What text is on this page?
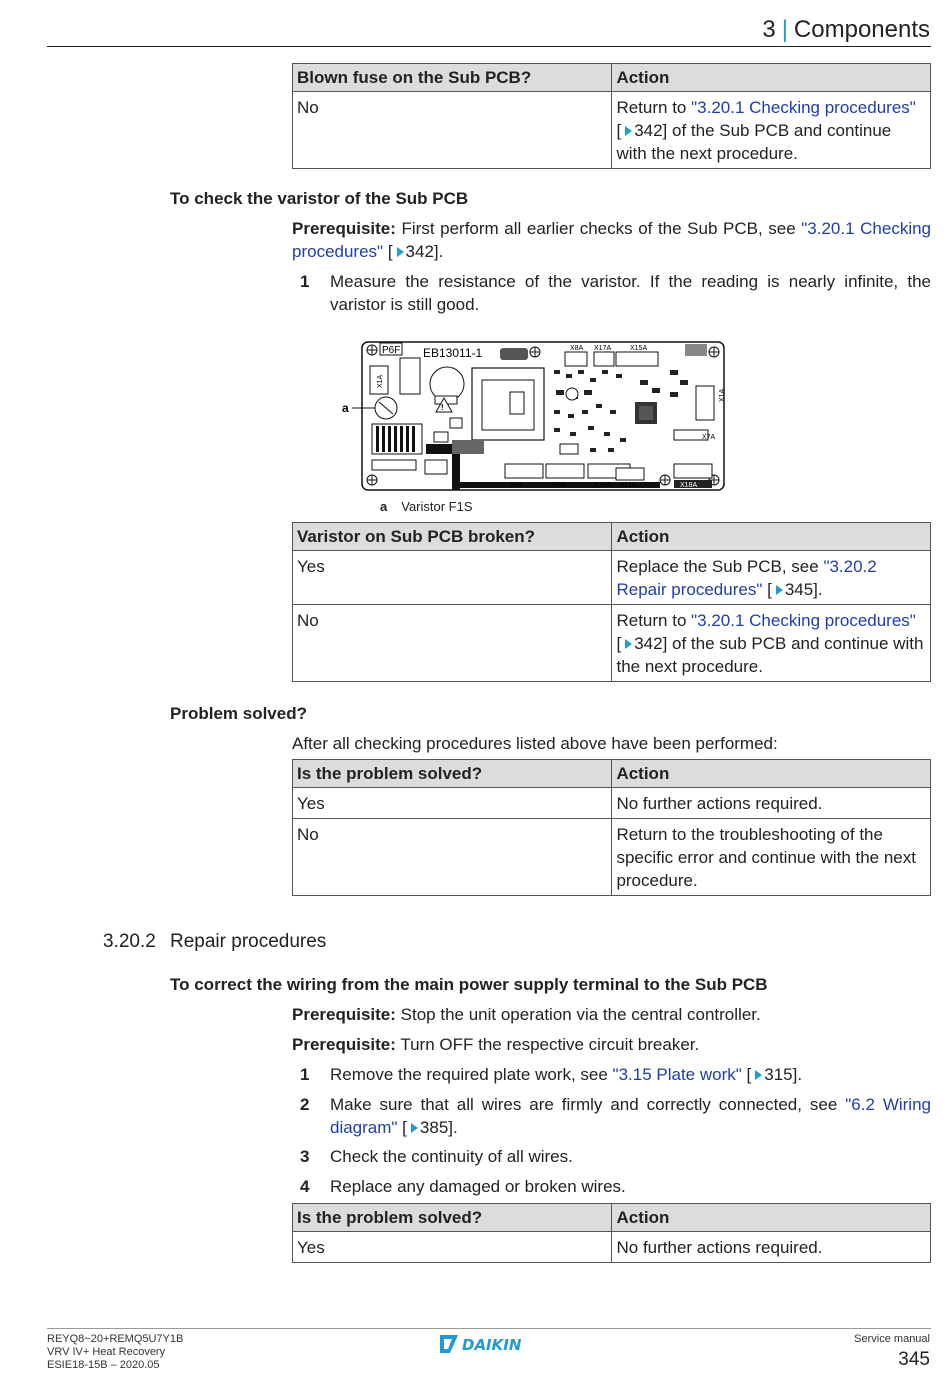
3 | Components
Blown fuse on the Sub PCB?	Action
No	Return to "3.20.1 Checking procedures" [ 342] of the Sub PCB and continue with the next procedure.
To check the varistor of the Sub PCB
Prerequisite: First perform all earlier checks of the Sub PCB, see "3.20.1 Checking procedures" [ 342].
1 Measure the resistance of the varistor. If the reading is nearly infinite, the varistor is still good.
P6F EB13011-1
X1A
a	!
X8A X17A	X15A
X1A
X7A
X8A	X9A	X10A X11A	X18A
a Varistor F1S
Varistor on Sub PCB broken?	Action
Yes	Replace the Sub PCB, see "3.20.2 Repair procedures" [ 345].
No	Return to "3.20.1 Checking procedures" [ 342] of the sub PCB and continue with the next procedure.
Problem solved?
After all checking procedures listed above have been performed:
Is the problem solved?	Action
Yes	No further actions required.
No	Return to the troubleshooting of the specific error and continue with the next procedure.
3.20.2 Repair procedures
To correct the wiring from the main power supply terminal to the Sub PCB
Prerequisite: Stop the unit operation via the central controller.
Prerequisite: Turn OFF the respective circuit breaker.
1 Remove the required plate work, see "3.15 Plate work" [ 315].
2 Make sure that all wires are firmly and correctly connected, see "6.2 Wiring diagram" [ 385].
3 Check the continuity of all wires.
4 Replace any damaged or broken wires.
Is the problem solved?	Action
Yes	No further actions required.
REYQ8~20+REMQ5U7Y1B
VRV IV+ Heat Recovery
ESIE18-15B – 2020.05
DAIKIN	Service manual
345
